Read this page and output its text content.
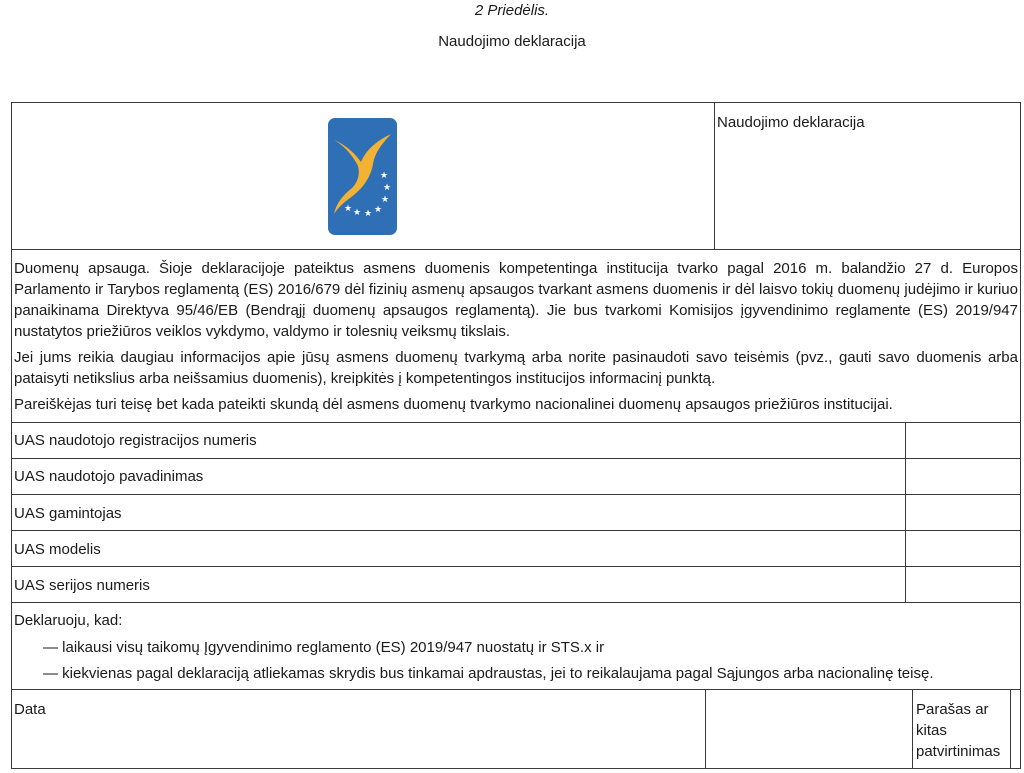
2 Priedėlis.
Naudojimo deklaracija
Naudojimo deklaracija
★
★
★
★
★
★
★
Duomenų apsauga. Šioje deklaracijoje pateiktus asmens duomenis kompetentinga institucija tvarko pagal 2016 m. balandžio 27 d. Europos Parlamento ir Tarybos reglamentą (ES) 2016/679 dėl fizinių asmenų apsaugos tvarkant asmens duomenis ir dėl laisvo tokių duomenų judėjimo ir kuriuo panaikinama Direktyva 95/46/EB (Bendrąjį duomenų apsaugos reglamentą). Jie bus tvarkomi Komisijos įgyvendinimo reglamente (ES) 2019/947 nustatytos priežiūros veiklos vykdymo, valdymo ir tolesnių veiksmų tikslais.
Jei jums reikia daugiau informacijos apie jūsų asmens duomenų tvarkymą arba norite pasinaudoti savo teisėmis (pvz., gauti savo duomenis arba pataisyti netikslius arba neišsamius duomenis), kreipkitės į kompetentingos institucijos informacinį punktą.
Pareiškėjas turi teisę bet kada pateikti skundą dėl asmens duomenų tvarkymo nacionalinei duomenų apsaugos priežiūros institucijai.
UAS naudotojo registracijos numeris
UAS naudotojo pavadinimas
UAS gamintojas
UAS modelis
UAS serijos numeris
Deklaruoju, kad:
— laikausi visų taikomų Įgyvendinimo reglamento (ES) 2019/947 nuostatų ir STS.x ir
— kiekvienas pagal deklaraciją atliekamas skrydis bus tinkamai apdraustas, jei to reikalaujama pagal Sąjungos arba nacionalinę teisę.
Data	Parašas ar
kitas
patvirtinimas
